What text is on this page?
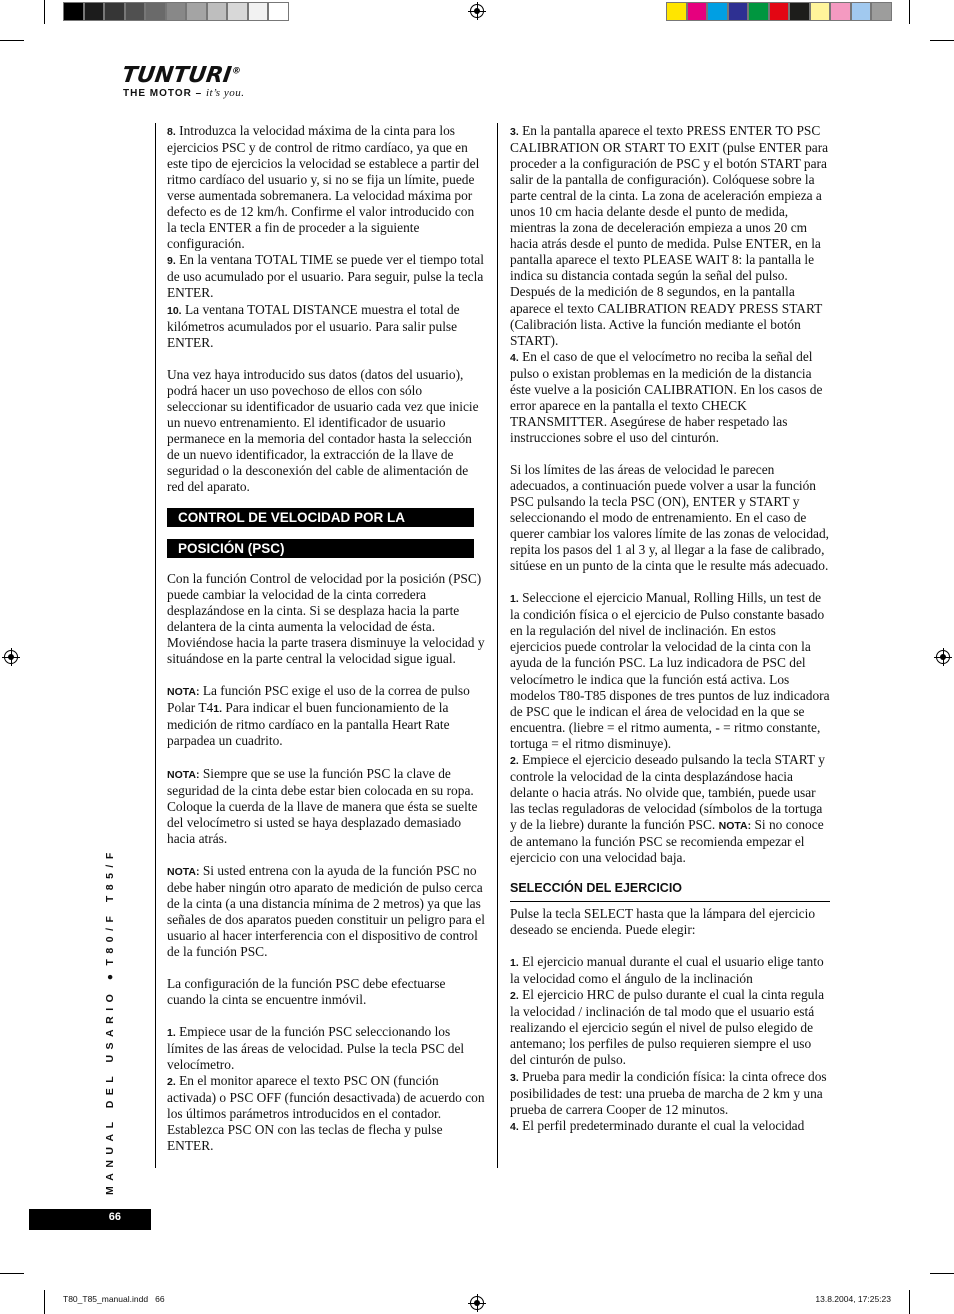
TUNTURI®
THE MOTOR – it’s you.

8. Introduzca la velocidad máxima de la cinta para los ejercicios PSC y de control de ritmo cardíaco, ya que en este tipo de ejercicios la velocidad se establece a partir del ritmo cardíaco del usuario y, si no se fija un límite, puede verse aumentada sobremanera. La velocidad máxima por defecto es de 12 km/h. Confirme el valor introducido con la tecla ENTER a fin de proceder a la siguiente configuración.

9. En la ventana TOTAL TIME se puede ver el tiempo total de uso acumulado por el usuario. Para seguir, pulse la tecla ENTER.

10. La ventana TOTAL DISTANCE muestra el total de kilómetros acumulados por el usuario. Para salir pulse ENTER.

Una vez haya introducido sus datos (datos del usuario), podrá hacer un uso povechoso de ellos con sólo seleccionar su identificador de usuario cada vez que inicie un nuevo entrenamiento. El identificador de usuario permanece en la memoria del contador hasta la selección de un nuevo identificador, la extracción de la llave de seguridad o la desconexión del cable de alimentación de red del aparato.

CONTROL DE VELOCIDAD POR LA
POSICIÓN (PSC)

Con la función Control de velocidad por la posición (PSC) puede cambiar la velocidad de la cinta corredera desplazándose en la cinta. Si se desplaza hacia la parte delantera de la cinta aumenta la velocidad de ésta. Moviéndose hacia la parte trasera disminuye la velocidad y situándose en la parte central la velocidad sigue igual.

NOTA: La función PSC exige el uso de la correa de pulso Polar T41. Para indicar el buen funcionamiento de la medición de ritmo cardíaco en la pantalla Heart Rate parpadea un cuadrito.

NOTA: Siempre que se use la función PSC la clave de seguridad de la cinta debe estar bien colocada en su ropa. Coloque la cuerda de la llave de manera que ésta se suelte del velocímetro si usted se haya desplazado demasiado hacia atrás.

NOTA: Si usted entrena con la ayuda de la función PSC no debe haber ningún otro aparato de medición de pulso cerca de la cinta (a una distancia mínima de 2 metros) ya que las señales de dos aparatos pueden constituir un peligro para el usuario al hacer interferencia con el dispositivo de control de la función PSC.

La configuración de la función PSC debe efectuarse cuando la cinta se encuentre inmóvil.

1. Empiece usar de la función PSC seleccionando los límites de las áreas de velocidad. Pulse la tecla PSC del velocímetro.

2. En el monitor aparece el texto PSC ON (función activada) o PSC OFF (función desactivada) de acuerdo con los últimos parámetros introducidos en el contador. Establezca PSC ON con las teclas de flecha y pulse ENTER.

3. En la pantalla aparece el texto PRESS ENTER TO PSC CALIBRATION OR START TO EXIT (pulse ENTER para proceder a la configuración de PSC y el botón START para salir de la pantalla de configuración). Colóquese sobre la parte central de la cinta. La zona de aceleración empieza a unos 10 cm hacia delante desde el punto de medida, mientras la zona de deceleración empieza a unos 20 cm hacia atrás desde el punto de medida. Pulse ENTER, en la pantalla aparece el texto PLEASE WAIT 8: la pantalla le indica su distancia contada según la señal del pulso. Después de la medición de 8 segundos, en la pantalla aparece el texto CALIBRATION READY PRESS START (Calibración lista. Active la función mediante el botón START).

4. En el caso de que el velocímetro no reciba la señal del pulso o existan problemas en la medición de la distancia éste vuelve a la posición CALIBRATION. En los casos de error aparece en la pantalla el texto CHECK TRANSMITTER. Asegúrese de haber respetado las instrucciones sobre el uso del cinturón.

Si los límites de las áreas de velocidad le parecen adecuados, a continuación puede volver a usar la función PSC pulsando la tecla PSC (ON), ENTER y START y seleccionando el modo de entrenamiento. En el caso de querer cambiar los valores límite de las zonas de velocidad, repita los pasos del 1 al 3 y, al llegar a la fase de calibrado, sitúese en un punto de la cinta que le resulte más adecuado.

1. Seleccione el ejercicio Manual, Rolling Hills, un test de la condición física o el ejercicio de Pulso constante basado en la regulación del nivel de inclinación. En estos ejercicios puede controlar la velocidad de la cinta con la ayuda de la función PSC. La luz indicadora de PSC del velocímetro le indica que la función está activa. Los modelos T80-T85 dispones de tres puntos de luz indicadora de PSC que le indican el área de velocidad en la que se encuentra. (liebre = el ritmo aumenta, - = ritmo constante, tortuga = el ritmo disminuye).

2. Empiece el ejercicio deseado pulsando la tecla START y controle la velocidad de la cinta desplazándose hacia delante o hacia atrás. No olvide que, también, puede usar las teclas reguladoras de velocidad (símbolos de la tortuga y de la liebre) durante la función PSC. NOTA: Si no conoce de antemano la función PSC se recomienda empezar el ejercicio con una velocidad baja.

SELECCIÓN DEL EJERCICIO

Pulse la tecla SELECT hasta que la lámpara del ejercicio deseado se encienda. Puede elegir:

1. El ejercicio manual durante el cual el usuario elige tanto la velocidad como el ángulo de la inclinación

2. El ejercicio HRC de pulso durante el cual la cinta regula la velocidad / inclinación de tal modo que el usuario está realizando el ejercicio según el nivel de pulso elegido de antemano; los perfiles de pulso requieren siempre el uso del cinturón de pulso.

3. Prueba para medir la condición física: la cinta ofrece dos posibilidades de test: una prueba de marcha de 2 km y una prueba de carrera Cooper de 12 minutos.

4. El perfil predeterminado durante el cual la velocidad

MANUAL DEL USARIO ● T80/F T85/F
66
T80_T85_manual.indd   66	13.8.2004, 17:25:23
